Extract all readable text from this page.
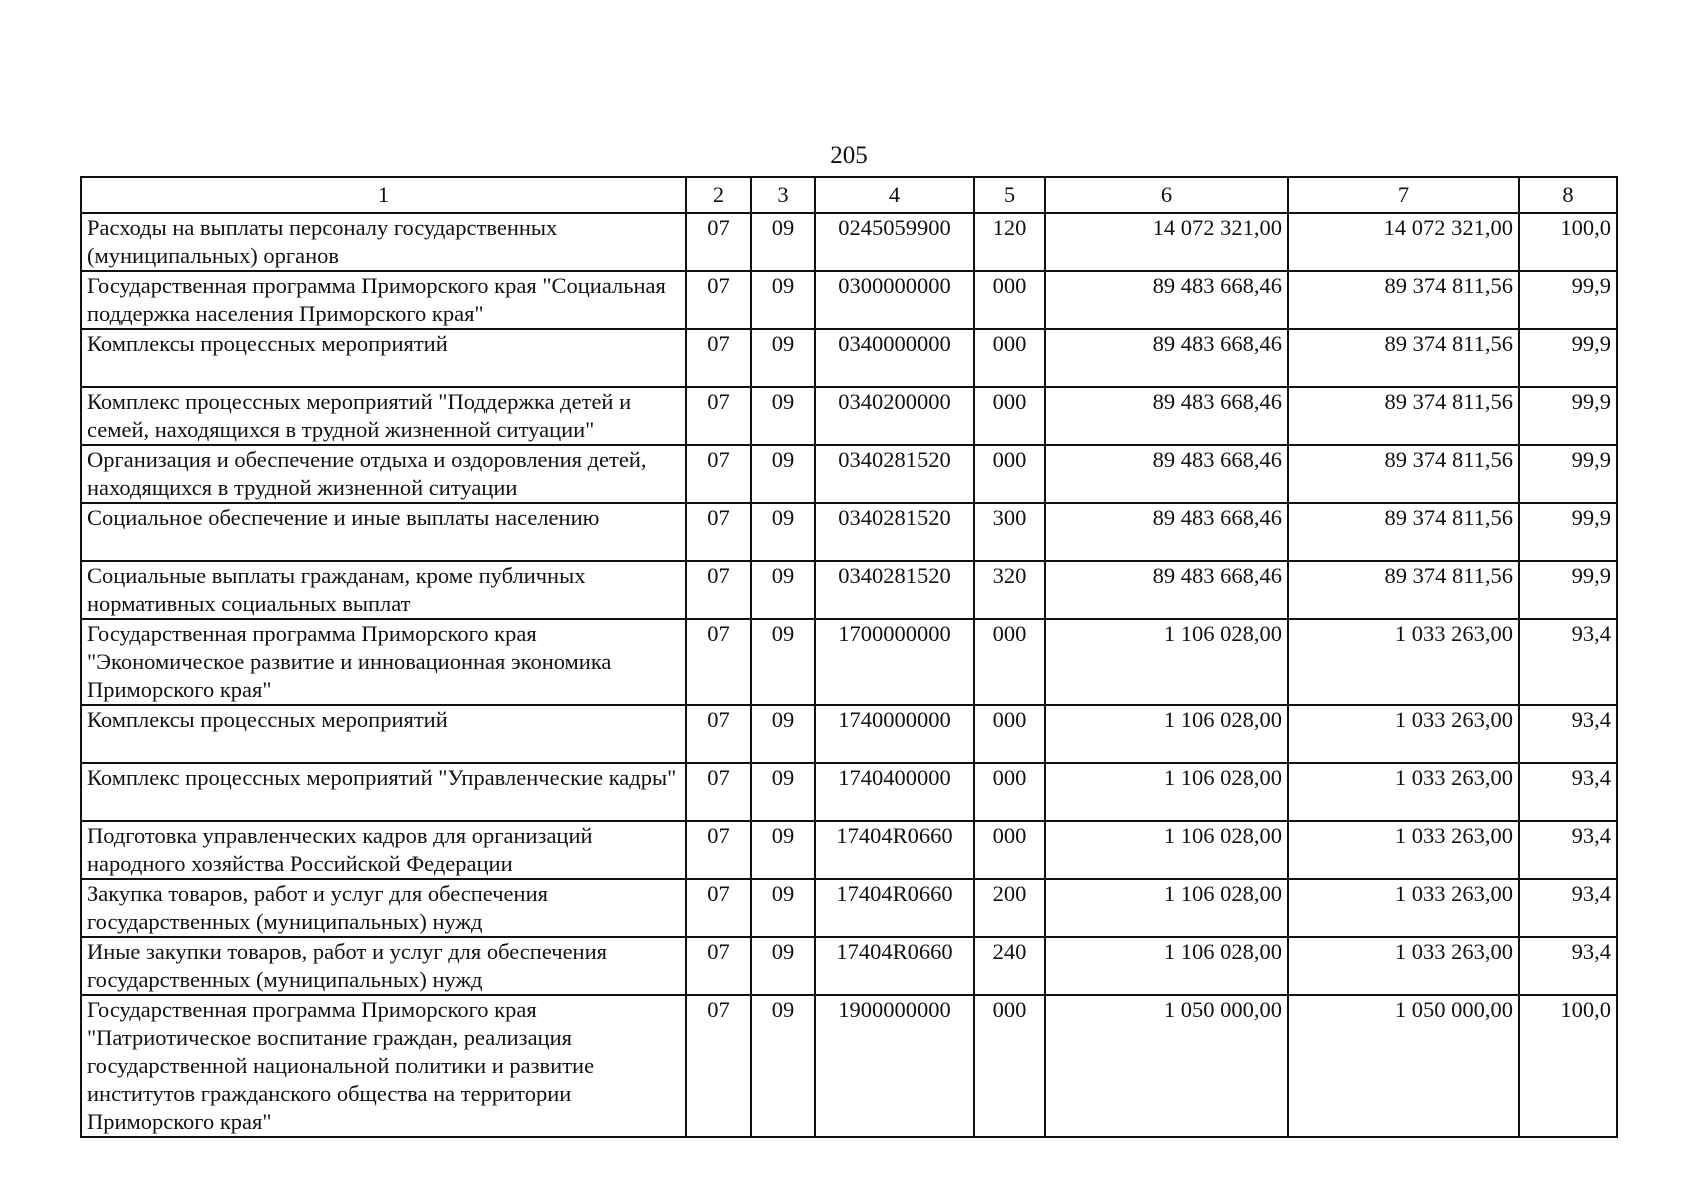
205
1	2	3	4	5	6	7	8
Расходы на выплаты персоналу государственных (муниципальных) органов	07	09	0245059900	120	14 072 321,00	14 072 321,00	100,0
Государственная программа Приморского края "Социальная поддержка населения Приморского края"	07	09	0300000000	000	89 483 668,46	89 374 811,56	99,9
Комплексы процессных мероприятий	07	09	0340000000	000	89 483 668,46	89 374 811,56	99,9
Комплекс процессных мероприятий "Поддержка детей и семей, находящихся в трудной жизненной ситуации"	07	09	0340200000	000	89 483 668,46	89 374 811,56	99,9
Организация и обеспечение отдыха и оздоровления детей, находящихся в трудной жизненной ситуации	07	09	0340281520	000	89 483 668,46	89 374 811,56	99,9
Социальное обеспечение и иные выплаты населению	07	09	0340281520	300	89 483 668,46	89 374 811,56	99,9
Социальные выплаты гражданам, кроме публичных нормативных социальных выплат	07	09	0340281520	320	89 483 668,46	89 374 811,56	99,9
Государственная программа Приморского края "Экономическое развитие и инновационная экономика Приморского края"	07	09	1700000000	000	1 106 028,00	1 033 263,00	93,4
Комплексы процессных мероприятий	07	09	1740000000	000	1 106 028,00	1 033 263,00	93,4
Комплекс процессных мероприятий "Управленческие кадры"	07	09	1740400000	000	1 106 028,00	1 033 263,00	93,4
Подготовка управленческих кадров для организаций народного хозяйства Российской Федерации	07	09	17404R0660	000	1 106 028,00	1 033 263,00	93,4
Закупка товаров, работ и услуг для обеспечения государственных (муниципальных) нужд	07	09	17404R0660	200	1 106 028,00	1 033 263,00	93,4
Иные закупки товаров, работ и услуг для обеспечения государственных (муниципальных) нужд	07	09	17404R0660	240	1 106 028,00	1 033 263,00	93,4
Государственная программа Приморского края "Патриотическое воспитание граждан, реализация государственной национальной политики и развитие институтов гражданского общества на территории Приморского края"	07	09	1900000000	000	1 050 000,00	1 050 000,00	100,0
